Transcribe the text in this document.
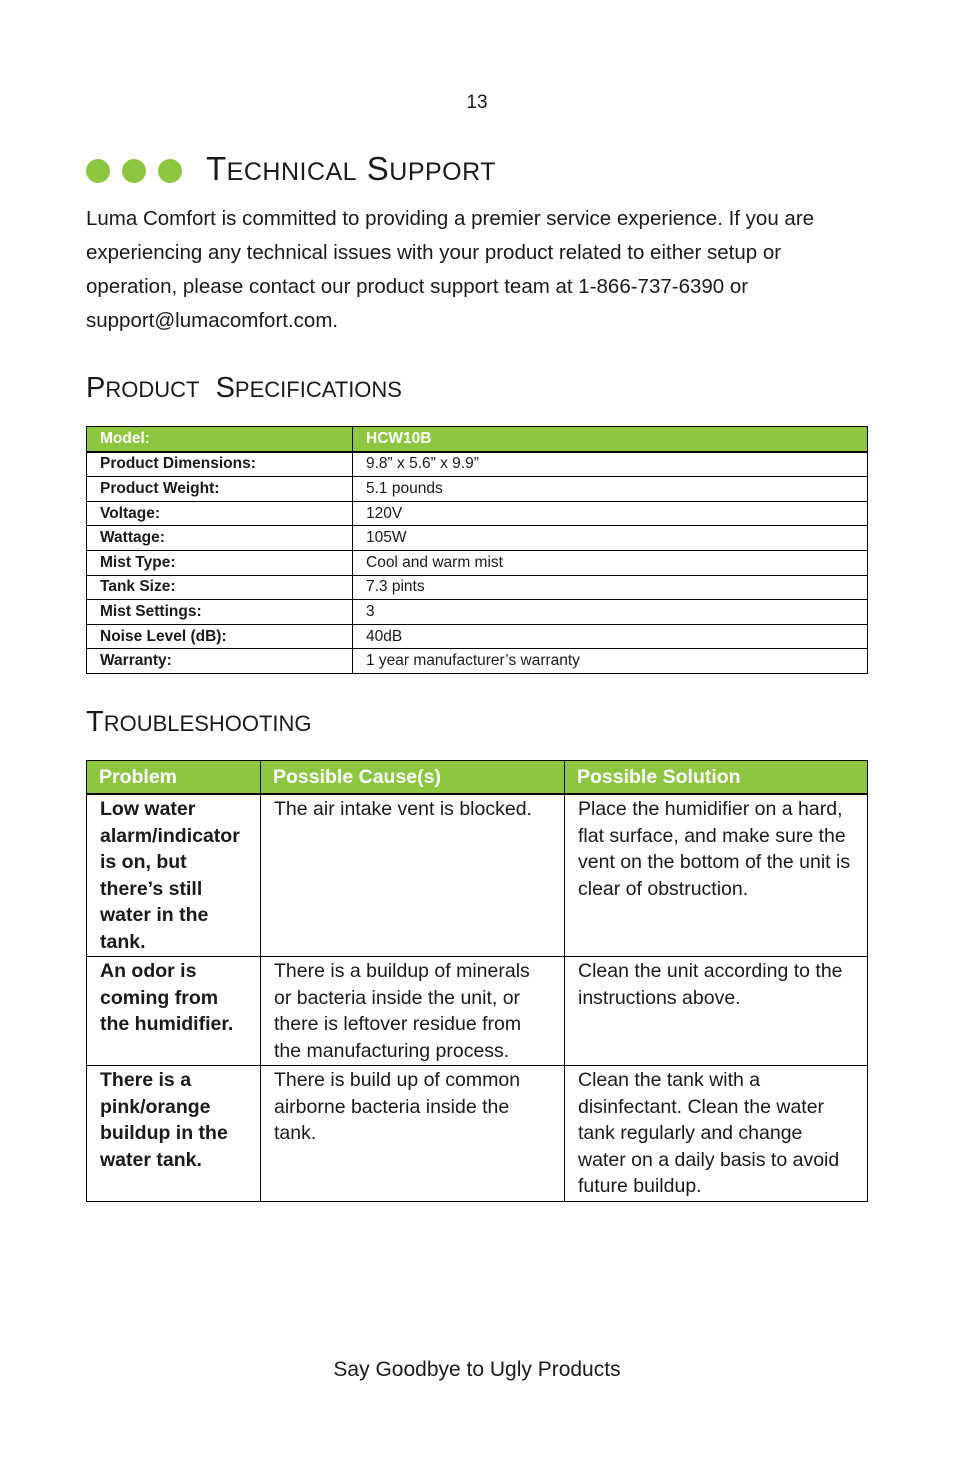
13
TECHNICAL SUPPORT

Luma Comfort is committed to providing a premier service experience. If you are experiencing any technical issues with your product related to either setup or operation, please contact our product support team at 1-866-737-6390 or support@lumacomfort.com.

PRODUCT SPECIFICATIONS
Model:	HCW10B
Product Dimensions:	9.8” x 5.6” x 9.9”
Product Weight:	5.1 pounds
Voltage:	120V
Wattage:	105W
Mist Type:	Cool and warm mist
Tank Size:	7.3 pints
Mist Settings:	3
Noise Level (dB):	40dB
Warranty:	1 year manufacturer’s warranty
TROUBLESHOOTING
Problem	Possible Cause(s)	Possible Solution
Low water alarm/indicator is on, but there’s still water in the tank.	The air intake vent is blocked.	Place the humidifier on a hard, flat surface, and make sure the vent on the bottom of the unit is clear of obstruction.
An odor is coming from the humidifier.	There is a buildup of minerals or bacteria inside the unit, or there is leftover residue from the manufacturing process.	Clean the unit according to the instructions above.
There is a pink/orange buildup in the water tank.	There is build up of common airborne bacteria inside the tank.	Clean the tank with a disinfectant. Clean the water tank regularly and change water on a daily basis to avoid future buildup.
Say Goodbye to Ugly Products
